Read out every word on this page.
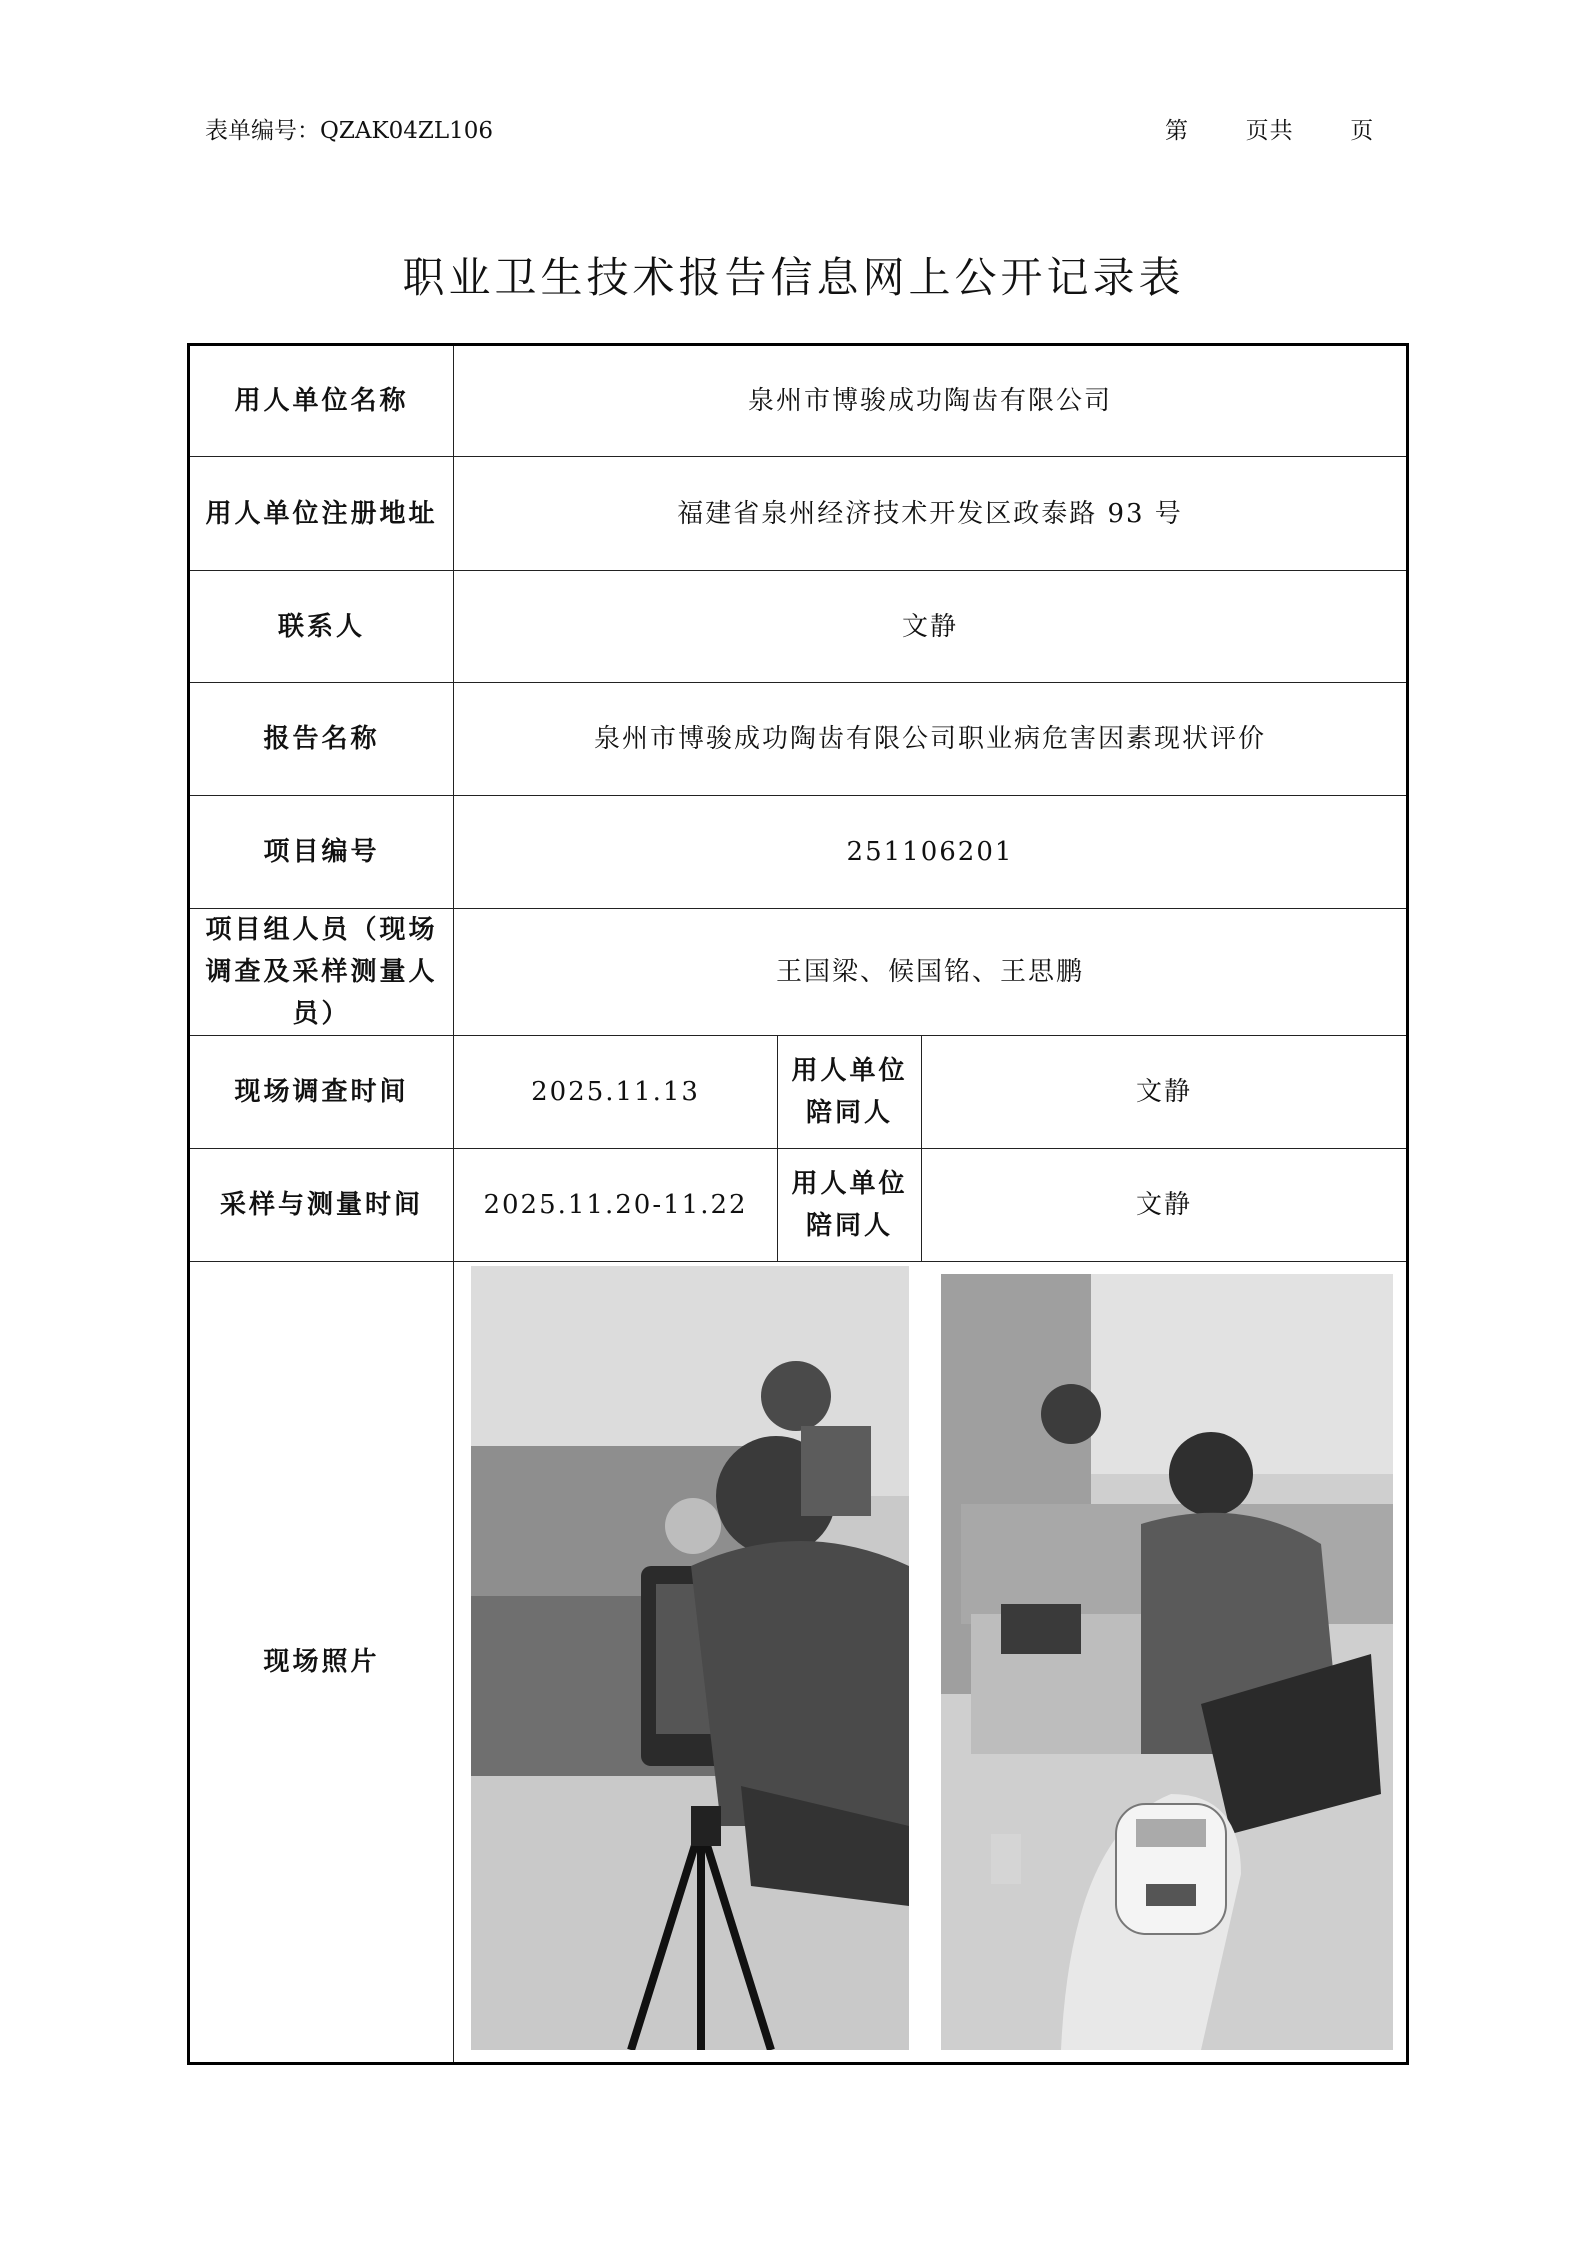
表单编号：QZAK04ZL106	第 页共 页
职业卫生技术报告信息网上公开记录表
用人单位名称	泉州市博骏成功陶齿有限公司		
用人单位注册地址	福建省泉州经济技术开发区政泰路 93 号		
联系人	文静		
报告名称	泉州市博骏成功陶齿有限公司职业病危害因素现状评价		
项目编号	251106201		
项目组人员（现场调查及采样测量人员）	王国梁、候国铭、王思鹏		
现场调查时间	2025.11.13	用人单位陪同人	文静
采样与测量时间	2025.11.20-11.22	用人单位陪同人	文静
现场照片	
